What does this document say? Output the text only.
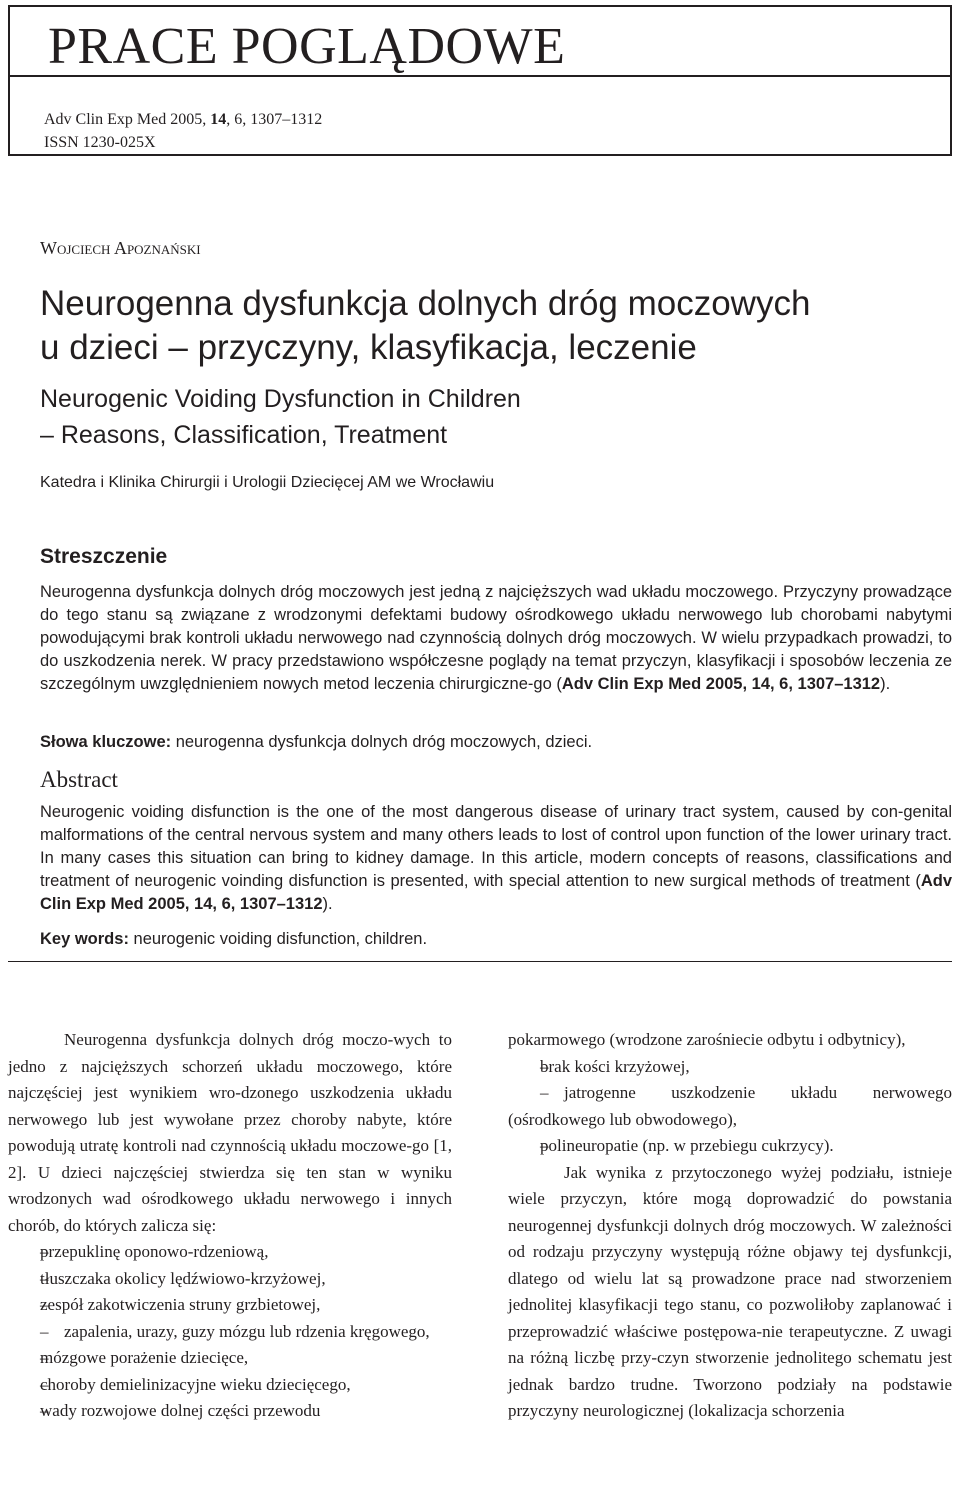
PRACE POGLĄDOWE
Adv Clin Exp Med 2005, 14, 6, 1307–1312
ISSN 1230-025X
Wojciech Apoznański
Neurogenna dysfunkcja dolnych dróg moczowych
u dzieci – przyczyny, klasyfikacja, leczenie
Neurogenic Voiding Dysfunction in Children
– Reasons, Classification, Treatment
Katedra i Klinika Chirurgii i Urologii Dziecięcej AM we Wrocławiu
Streszczenie
Neurogenna dysfunkcja dolnych dróg moczowych jest jedną z najcięższych wad układu moczowego. Przyczyny prowadzące do tego stanu są związane z wrodzonymi defektami budowy ośrodkowego układu nerwowego lub chorobami nabytymi powodującymi brak kontroli układu nerwowego nad czynnością dolnych dróg moczowych. W wielu przypadkach prowadzi, to do uszkodzenia nerek. W pracy przedstawiono współczesne poglądy na temat przyczyn, klasyfikacji i sposobów leczenia ze szczególnym uwzględnieniem nowych metod leczenia chirurgiczne-go (Adv Clin Exp Med 2005, 14, 6, 1307–1312).
Słowa kluczowe: neurogenna dysfunkcja dolnych dróg moczowych, dzieci.
Abstract
Neurogenic voiding disfunction is the one of the most dangerous disease of urinary tract system, caused by con-genital malformations of the central nervous system and many others leads to lost of control upon function of the lower urinary tract. In many cases this situation can bring to kidney damage. In this article, modern concepts of reasons, classifications and treatment of neurogenic voinding disfunction is presented, with special attention to new surgical methods of treatment (Adv Clin Exp Med 2005, 14, 6, 1307–1312).
Key words: neurogenic voiding disfunction, children.

Neurogenna dysfunkcja dolnych dróg moczo-wych to jedno z najcięższych schorzeń układu moczowego, które najczęściej jest wynikiem wro-dzonego uszkodzenia układu nerwowego lub jest wywołane przez choroby nabyte, które powodują utratę kontroli nad czynnością układu moczowe-go [1, 2]. U dzieci najczęściej stwierdza się ten stan w wyniku wrodzonych wad ośrodkowego układu nerwowego i innych chorób, do których zalicza się:

– przepuklinę oponowo-rdzeniową,

– tłuszczaka okolicy lędźwiowo-krzyżowej,

– zespół zakotwiczenia struny grzbietowej,

– zapalenia, urazy, guzy mózgu lub rdzenia kręgowego,

– mózgowe porażenie dziecięce,

– choroby demielinizacyjne wieku dziecięcego,

– wady rozwojowe dolnej części przewodu

pokarmowego (wrodzone zarośniecie odbytu i odbytnicy),

– brak kości krzyżowej,

– jatrogenne uszkodzenie układu nerwowego (ośrodkowego lub obwodowego),

– polineuropatie (np. w przebiegu cukrzycy).

Jak wynika z przytoczonego wyżej podziału, istnieje wiele przyczyn, które mogą doprowadzić do powstania neurogennej dysfunkcji dolnych dróg moczowych. W zależności od rodzaju przyczyny występują różne objawy tej dysfunkcji, dlatego od wielu lat są prowadzone prace nad stworzeniem jednolitej klasyfikacji tego stanu, co pozwoliłoby zaplanować i przeprowadzić właściwe postępowa-nie terapeutyczne. Z uwagi na różną liczbę przy-czyn stworzenie jednolitego schematu jest jednak bardzo trudne. Tworzono podziały na podstawie przyczyny neurologicznej (lokalizacja schorzenia
